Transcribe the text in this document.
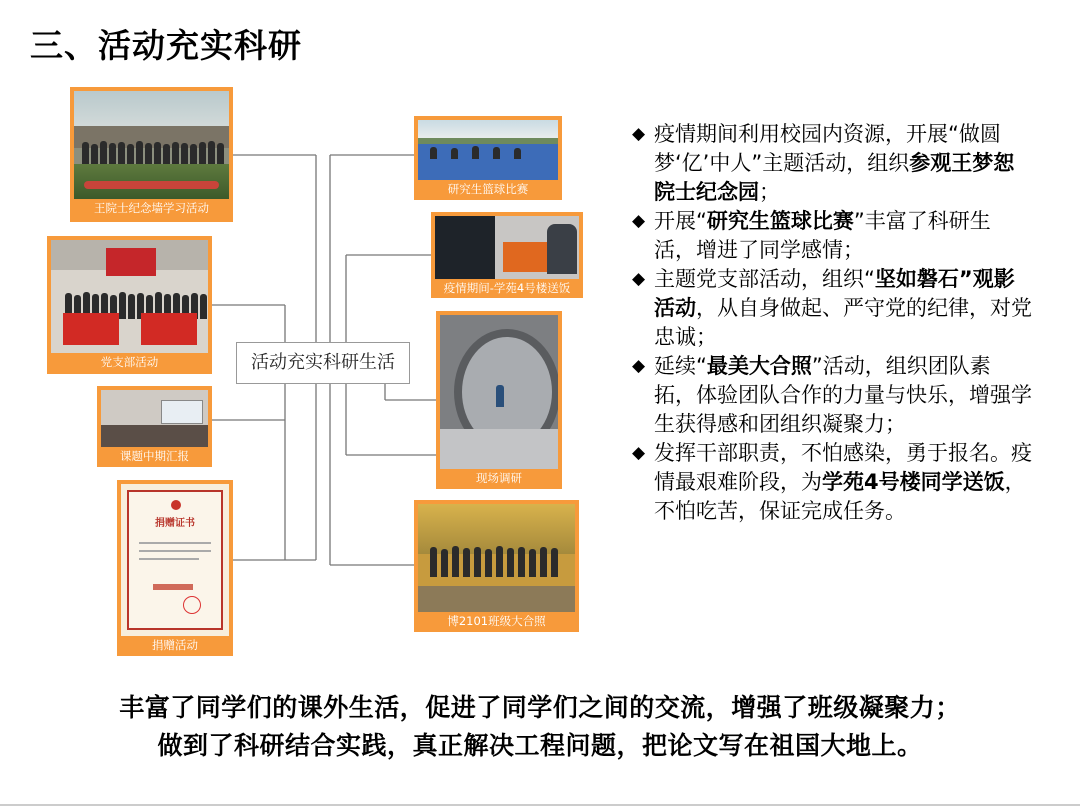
三、活动充实科研
王院士纪念墙学习活动
党支部活动
课题中期汇报
捐赠证书
捐赠活动
活动充实科研生活
研究生篮球比赛
疫情期间-学苑4号楼送饭
现场调研
博2101班级大合照
◆ 疫情期间利用校园内资源，开展“做圆梦‘亿’中人”主题活动，组织参观王梦恕院士纪念园；
◆ 开展“研究生篮球比赛”丰富了科研生活，增进了同学感情；
◆ 主题党支部活动，组织“坚如磐石”观影活动，从自身做起、严守党的纪律，对党忠诚；
◆ 延续“最美大合照”活动，组织团队素拓，体验团队合作的力量与快乐，增强学生获得感和团组织凝聚力；
◆ 发挥干部职责，不怕感染，勇于报名。疫情最艰难阶段，为学苑4号楼同学送饭，不怕吃苦，保证完成任务。
丰富了同学们的课外生活，促进了同学们之间的交流，增强了班级凝聚力；
做到了科研结合实践，真正解决工程问题，把论文写在祖国大地上。
